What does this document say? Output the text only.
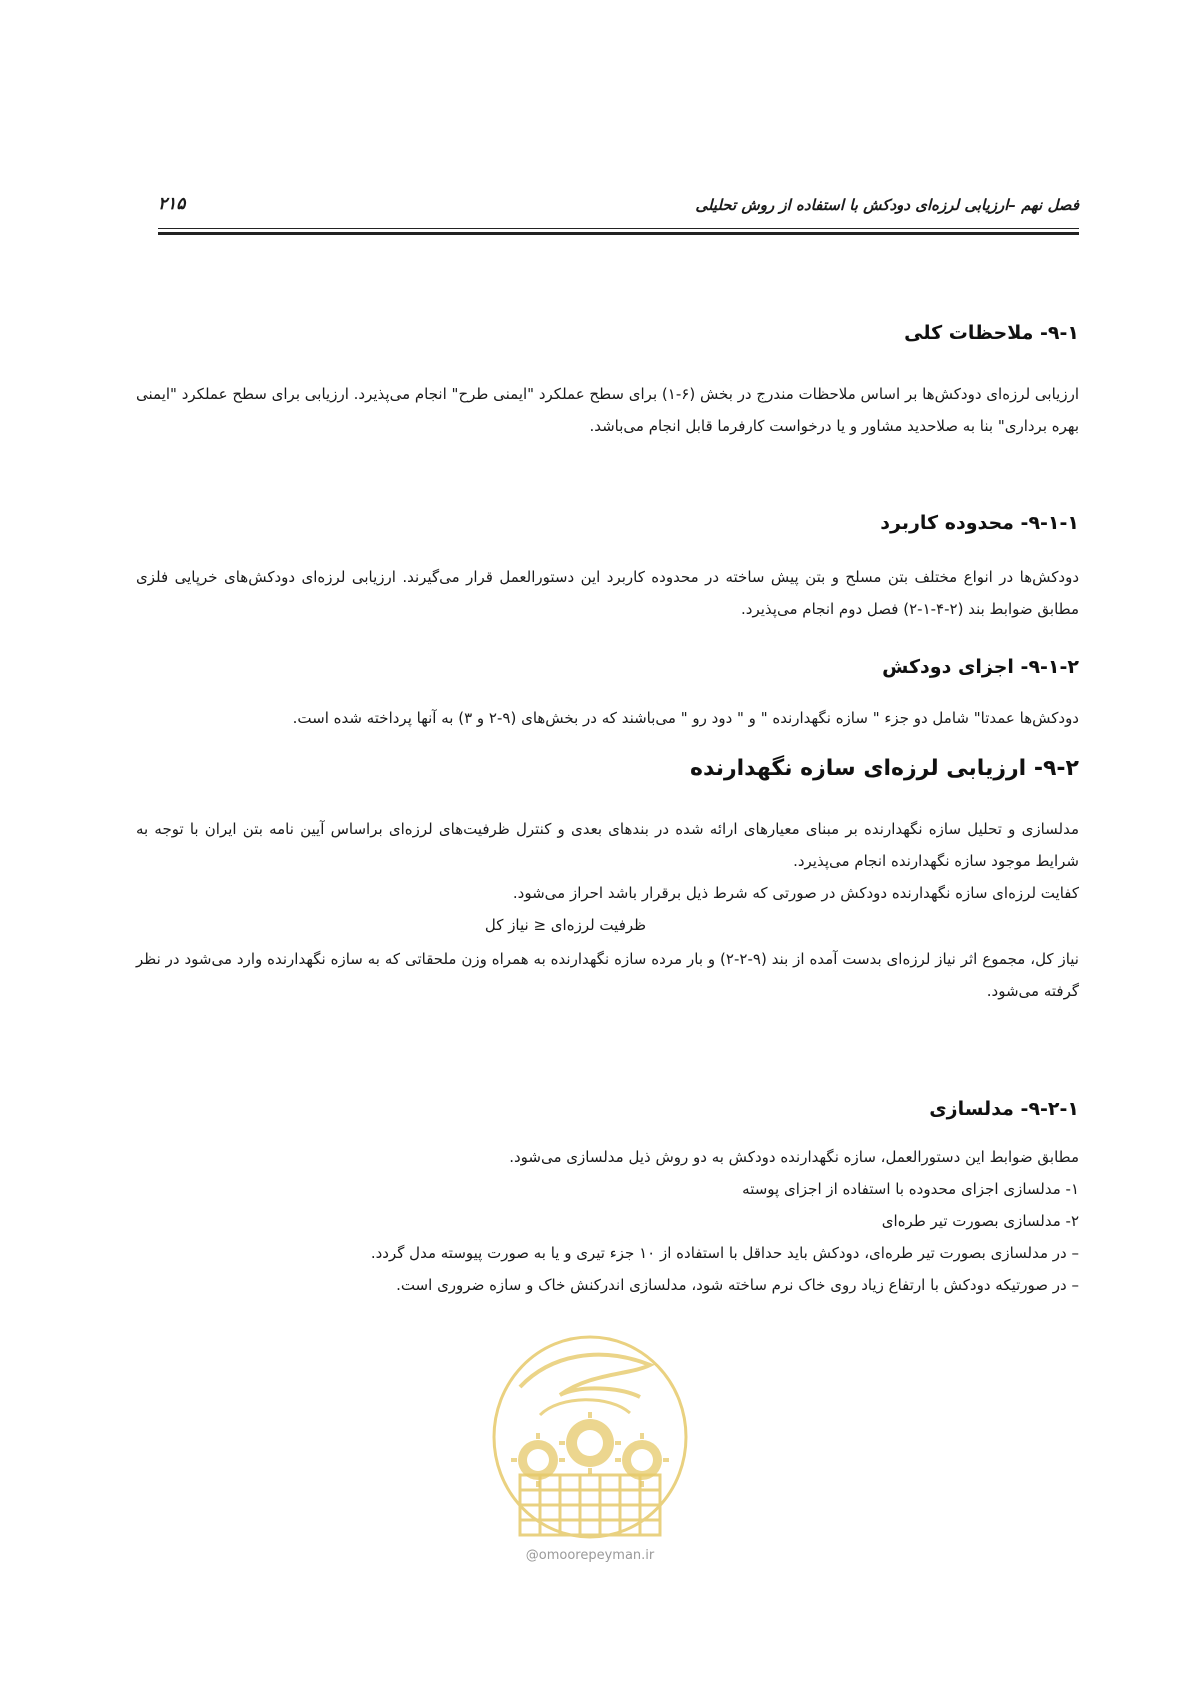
فصل نهم –ارزیابی لرزه‌ای دودکش با استفاده از روش تحلیلی
۲۱۵
۹-۱- ملاحظات کلی

ارزیابی لرزه‌ای دودکش‌ها بر اساس ملاحظات مندرج در بخش (۶-۱) برای سطح عملکرد "ایمنی طرح" انجام می‌پذیرد. ارزیابی برای سطح عملکرد "ایمنی بهره برداری" بنا به صلاحدید مشاور و یا درخواست کارفرما قابل انجام می‌باشد.

۹-۱-۱- محدوده کاربرد

دودکش‌ها در انواع مختلف بتن مسلح و بتن پیش ساخته در محدوده کاربرد این دستورالعمل قرار می‌گیرند. ارزیابی لرزه‌ای دودکش‌های خرپایی فلزی مطابق ضوابط بند (۲-۴-۱-۲) فصل دوم انجام می‌پذیرد.

۹-۱-۲- اجزای دودکش
دودکش‌ها عمدتا" شامل دو جزء " سازه نگهدارنده " و " دود رو " می‌باشند که در بخش‌های (۹-۲ و ۳) به آنها پرداخته شده است.
۹-۲- ارزیابی لرزه‌ای سازه نگهدارنده

مدلسازی و تحلیل سازه نگهدارنده بر مبنای معیارهای ارائه شده در بندهای بعدی و کنترل ظرفیت‌های لرزه‌ای براساس آیین نامه بتن ایران با توجه به شرایط موجود سازه نگهدارنده انجام می‌پذیرد.

کفایت لرزه‌ای سازه نگهدارنده دودکش در صورتی که شرط ذیل برقرار باشد احراز می‌شود.
ظرفیت لرزه‌ای ≤ نیاز کل

نیاز کل، مجموع اثر نیاز لرزه‌ای بدست آمده از بند (۹-۲-۲) و بار مرده سازه نگهدارنده به همراه وزن ملحقاتی که به سازه نگهدارنده وارد می‌شود در نظر گرفته می‌شود.

۹-۲-۱- مدلسازی
مطابق ضوابط این دستورالعمل، سازه نگهدارنده دودکش به دو روش ذیل مدلسازی می‌شود.
۱- مدلسازی اجزای محدوده با استفاده از اجزای پوسته
۲- مدلسازی بصورت تیر طره‌ای
– در مدلسازی بصورت تیر طره‌ای، دودکش باید حداقل با استفاده از ۱۰ جزء تیری و یا به صورت پیوسته مدل گردد.
– در صورتیکه دودکش با ارتفاع زیاد روی خاک نرم ساخته شود، مدلسازی اندرکنش خاک و سازه ضروری است.
@omoorepeyman.ir
